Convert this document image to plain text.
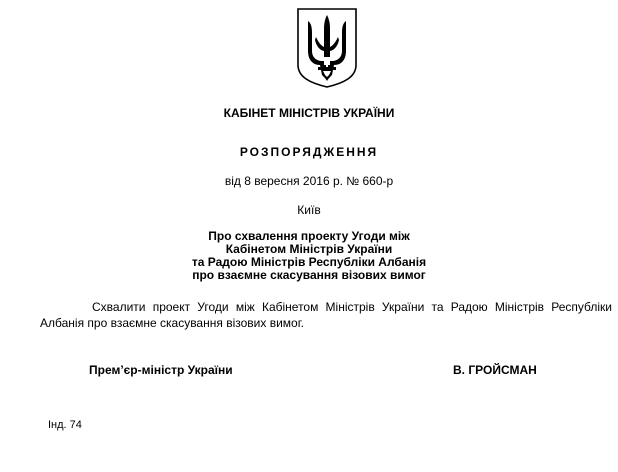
КАБІНЕТ МІНІСТРІВ УКРАЇНИ
РОЗПОРЯДЖЕННЯ
від 8 вересня 2016 р. № 660-р
Київ
Про схвалення проекту Угоди між
Кабінетом Міністрів України
та Радою Міністрів Республіки Албанія
про взаємне скасування візових вимог
Схвалити проект Угоди між Кабінетом Міністрів України та Радою Міністрів Республіки Албанія про взаємне скасування візових вимог.
Прем’єр-міністр України	В. ГРОЙСМАН
Інд. 74
